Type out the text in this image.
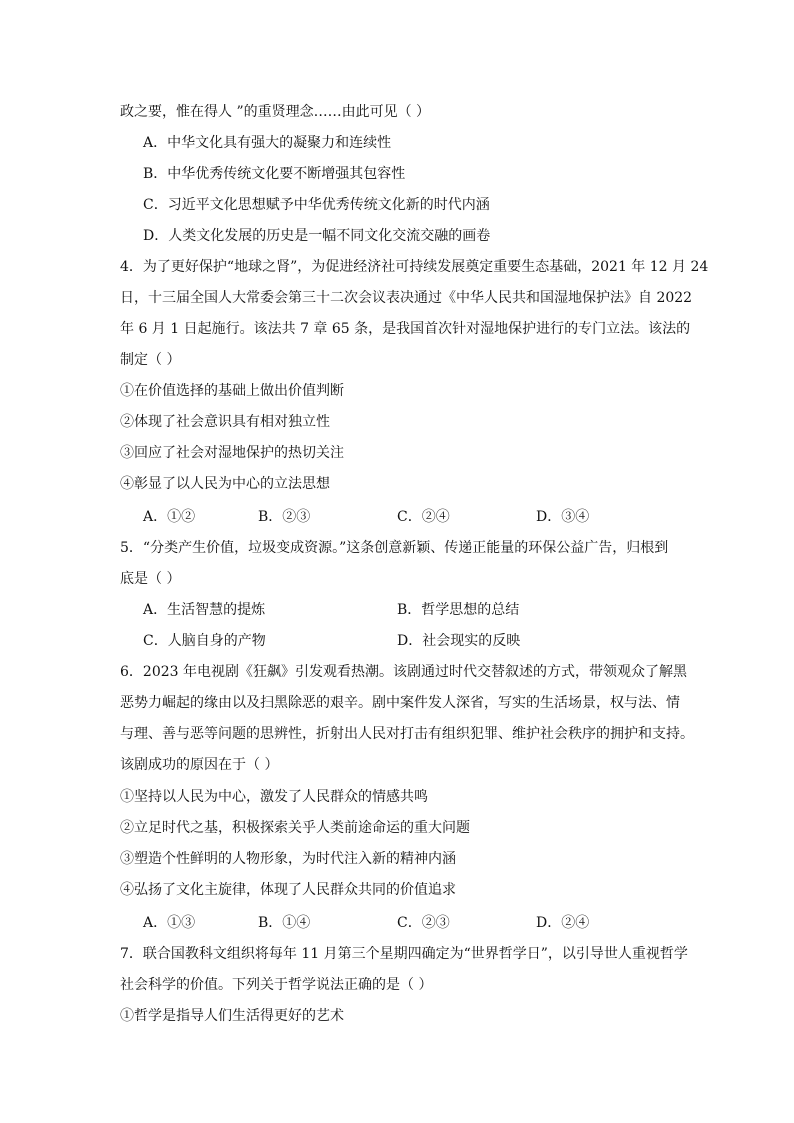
政之要，惟在得人 ”的重贤理念……由此可见（ ）
A．中华文化具有强大的凝聚力和连续性
B．中华优秀传统文化要不断增强其包容性
C．习近平文化思想赋予中华优秀传统文化新的时代内涵
D．人类文化发展的历史是一幅不同文化交流交融的画卷
4．为了更好保护“地球之肾”，为促进经济社可持续发展奠定重要生态基础，2021 年 12 月 24
日，十三届全国人大常委会第三十二次会议表决通过《中华人民共和国湿地保护法》自 2022
年 6 月 1 日起施行。该法共 7 章 65 条，是我国首次针对湿地保护进行的专门立法。该法的
制定（ ）
①在价值选择的基础上做出价值判断
②体现了社会意识具有相对独立性
③回应了社会对湿地保护的热切关注
④彰显了以人民为中心的立法思想
A．①②	B．②③	C．②④	D．③④
5．“分类产生价值，垃圾变成资源。”这条创意新颖、传递正能量的环保公益广告，归根到
底是（ ）
A．生活智慧的提炼	B．哲学思想的总结
C．人脑自身的产物	D．社会现实的反映
6．2023 年电视剧《狂飙》引发观看热潮。该剧通过时代交替叙述的方式，带领观众了解黑
恶势力崛起的缘由以及扫黑除恶的艰辛。剧中案件发人深省，写实的生活场景，权与法、情
与理、善与恶等问题的思辨性，折射出人民对打击有组织犯罪、维护社会秩序的拥护和支持。
该剧成功的原因在于（ ）
①坚持以人民为中心，激发了人民群众的情感共鸣
②立足时代之基，积极探索关乎人类前途命运的重大问题
③塑造个性鲜明的人物形象，为时代注入新的精神内涵
④弘扬了文化主旋律，体现了人民群众共同的价值追求
A．①③	B．①④	C．②③	D．②④
7．联合国教科文组织将每年 11 月第三个星期四确定为“世界哲学日”，以引导世人重视哲学
社会科学的价值。下列关于哲学说法正确的是（ ）
①哲学是指导人们生活得更好的艺术
